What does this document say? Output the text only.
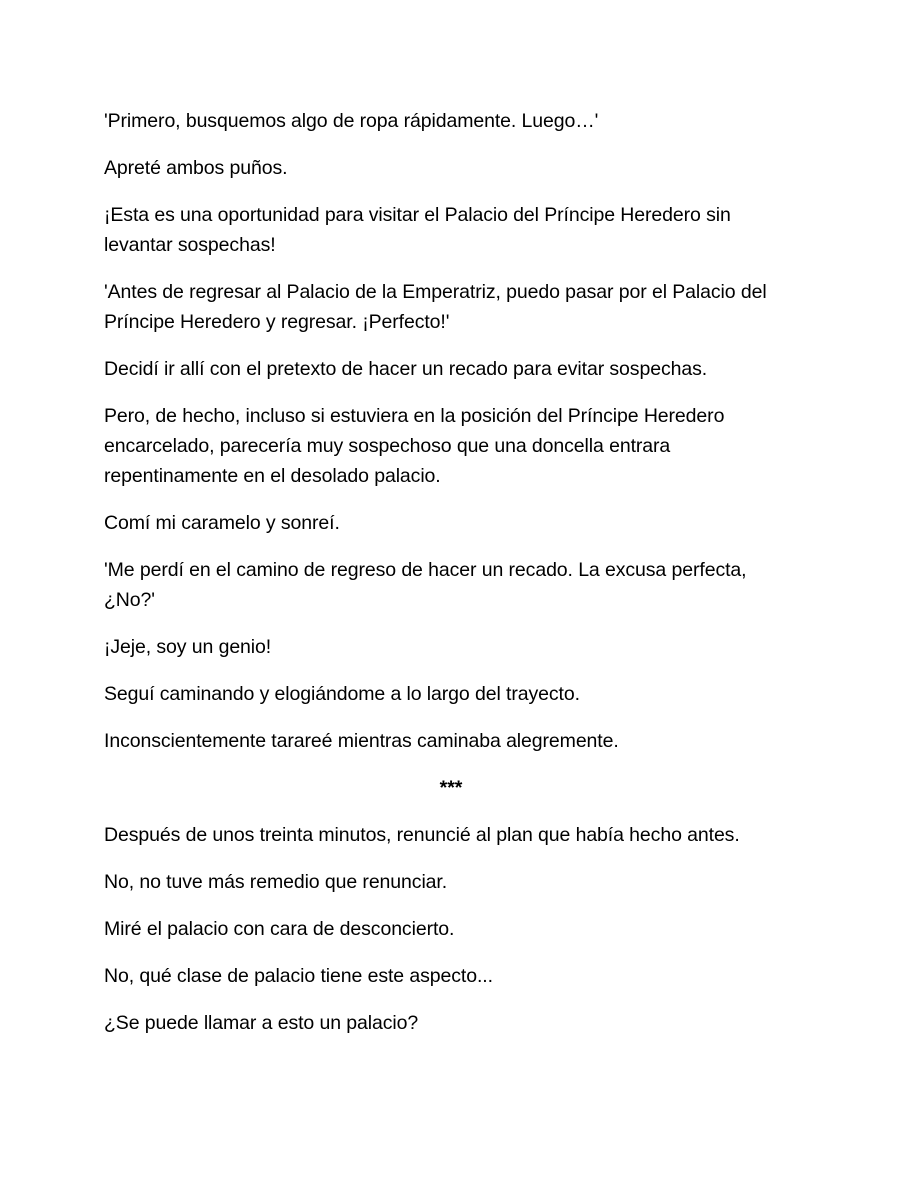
'Primero, busquemos algo de ropa rápidamente. Luego…'

Apreté ambos puños.

¡Esta es una oportunidad para visitar el Palacio del Príncipe Heredero sin levantar sospechas!

'Antes de regresar al Palacio de la Emperatriz, puedo pasar por el Palacio del Príncipe Heredero y regresar. ¡Perfecto!'

Decidí ir allí con el pretexto de hacer un recado para evitar sospechas.

Pero, de hecho, incluso si estuviera en la posición del Príncipe Heredero encarcelado, parecería muy sospechoso que una doncella entrara repentinamente en el desolado palacio.

Comí mi caramelo y sonreí.

'Me perdí en el camino de regreso de hacer un recado. La excusa perfecta, ¿No?'

¡Jeje, soy un genio!

Seguí caminando y elogiándome a lo largo del trayecto.

Inconscientemente tarareé mientras caminaba alegremente.

***

Después de unos treinta minutos, renuncié al plan que había hecho antes.

No, no tuve más remedio que renunciar.

Miré el palacio con cara de desconcierto.

No, qué clase de palacio tiene este aspecto...

¿Se puede llamar a esto un palacio?
